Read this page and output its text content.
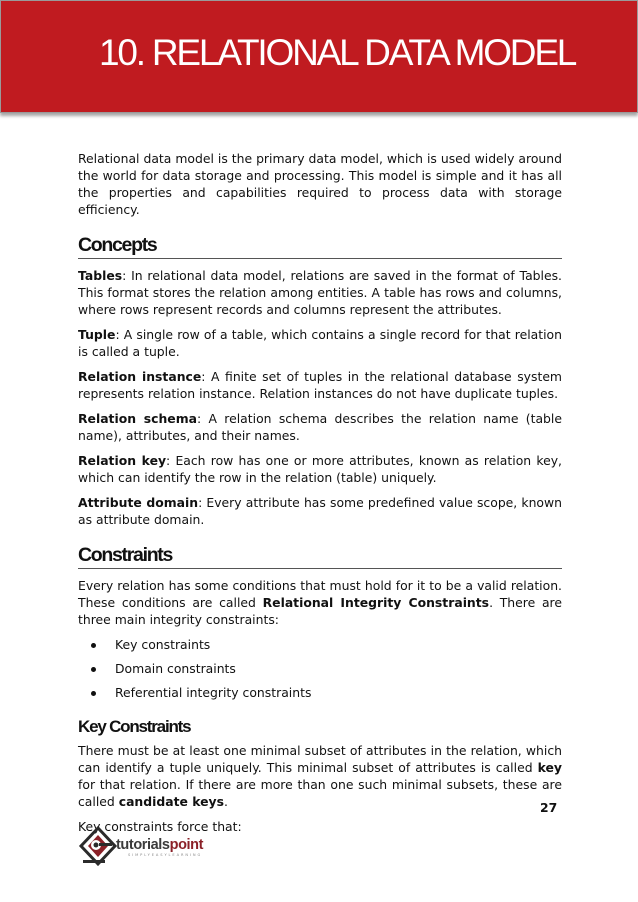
10. RELATIONAL DATA MODEL

Relational data model is the primary data model, which is used widely around the world for data storage and processing. This model is simple and it has all the properties and capabilities required to process data with storage efficiency.

Concepts

Tables: In relational data model, relations are saved in the format of Tables. This format stores the relation among entities. A table has rows and columns, where rows represent records and columns represent the attributes.

Tuple: A single row of a table, which contains a single record for that relation is called a tuple.

Relation instance: A finite set of tuples in the relational database system represents relation instance. Relation instances do not have duplicate tuples.

Relation schema: A relation schema describes the relation name (table name), attributes, and their names.

Relation key: Each row has one or more attributes, known as relation key, which can identify the row in the relation (table) uniquely.

Attribute domain: Every attribute has some predefined value scope, known as attribute domain.

Constraints

Every relation has some conditions that must hold for it to be a valid relation. These conditions are called Relational Integrity Constraints. There are three main integrity constraints:

Key constraints
Domain constraints
Referential integrity constraints
Key Constraints

There must be at least one minimal subset of attributes in the relation, which can identify a tuple uniquely. This minimal subset of attributes is called key for that relation. If there are more than one such minimal subsets, these are called candidate keys.

Key constraints force that:

27
tutorialspoint
SIMPLYEASYLEARNING
